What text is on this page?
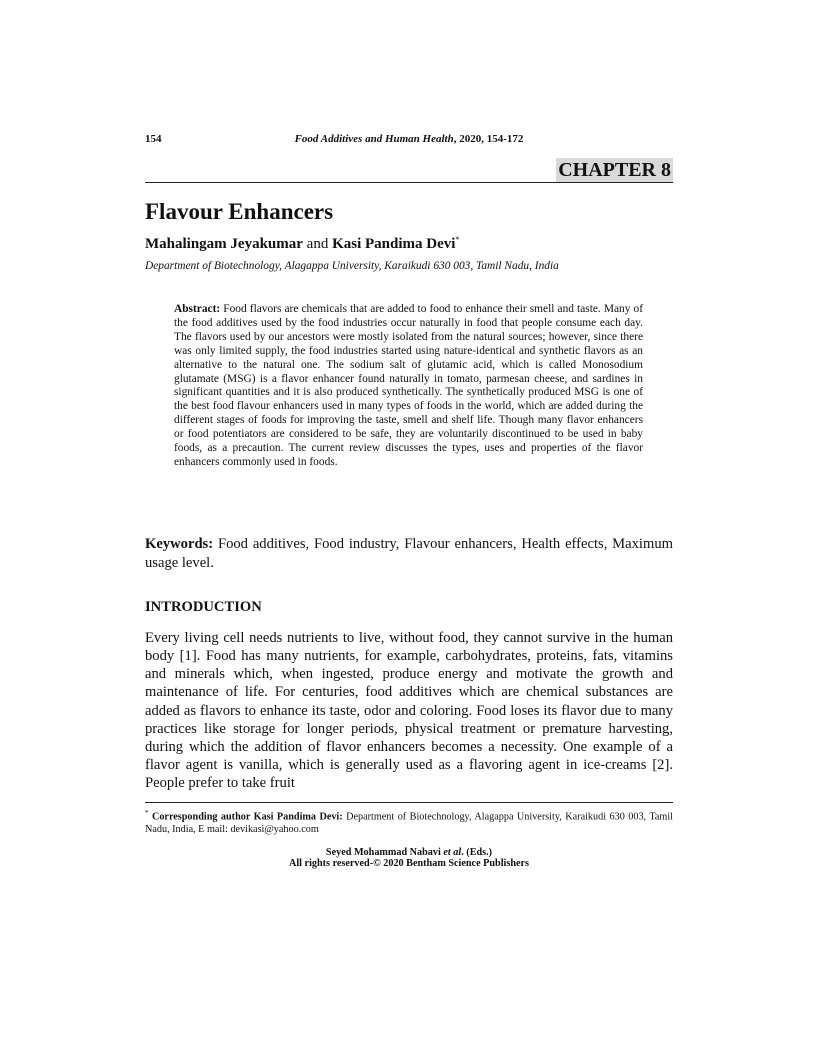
154	Food Additives and Human Health, 2020, 154-172
CHAPTER 8
Flavour Enhancers
Mahalingam Jeyakumar and Kasi Pandima Devi*
Department of Biotechnology, Alagappa University, Karaikudi 630 003, Tamil Nadu, India
Abstract: Food flavors are chemicals that are added to food to enhance their smell and taste. Many of the food additives used by the food industries occur naturally in food that people consume each day. The flavors used by our ancestors were mostly isolated from the natural sources; however, since there was only limited supply, the food industries started using nature-identical and synthetic flavors as an alternative to the natural one. The sodium salt of glutamic acid, which is called Monosodium glutamate (MSG) is a flavor enhancer found naturally in tomato, parmesan cheese, and sardines in significant quantities and it is also produced synthetically. The synthetically produced MSG is one of the best food flavour enhancers used in many types of foods in the world, which are added during the different stages of foods for improving the taste, smell and shelf life. Though many flavor enhancers or food potentiators are considered to be safe, they are voluntarily discontinued to be used in baby foods, as a precaution. The current review discusses the types, uses and properties of the flavor enhancers commonly used in foods.
Keywords: Food additives, Food industry, Flavour enhancers, Health effects, Maximum usage level.
INTRODUCTION
Every living cell needs nutrients to live, without food, they cannot survive in the human body [1]. Food has many nutrients, for example, carbohydrates, proteins, fats, vitamins and minerals which, when ingested, produce energy and motivate the growth and maintenance of life. For centuries, food additives which are chemical substances are added as flavors to enhance its taste, odor and coloring. Food loses its flavor due to many practices like storage for longer periods, physical treatment or premature harvesting, during which the addition of flavor enhancers becomes a necessity. One example of a flavor agent is vanilla, which is generally used as a flavoring agent in ice-creams [2]. People prefer to take fruit
* Corresponding author Kasi Pandima Devi: Department of Biotechnology, Alagappa University, Karaikudi 630 003, Tamil Nadu, India, E mail: devikasi@yahoo.com
Seyed Mohammad Nabavi et al. (Eds.)
All rights reserved-© 2020 Bentham Science Publishers
